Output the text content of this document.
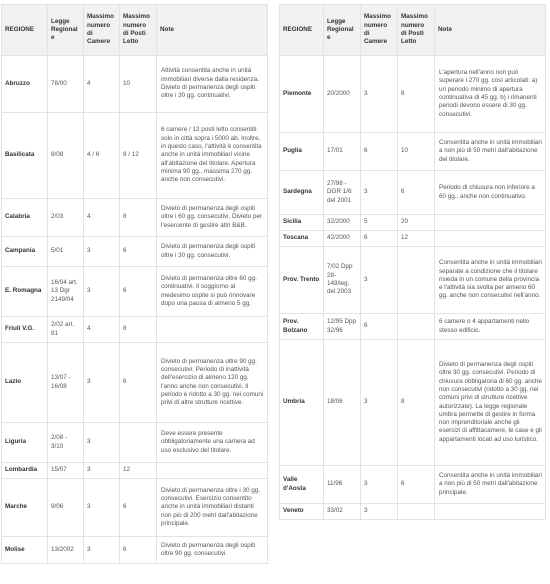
REGIONE	Legge Regionale	Massimo numero di Camere	Massimo numero di Posti Letto	Note
Abruzzo	78/00	4	10	Attività consentita anche in unità immobiliari diverse dalla residenza. Divieto di permanenza degli ospiti oltre i 30 gg. continuativi.
Basilicata	8/08	4 / 6	8 / 12	6 camere / 12 posti letto consentiti solo in città sopra i 5000 ab. Inoltre, in questo caso, l'attività è consentita anche in unità immobiliari vicine all'abitazione del titolare. Apertura minima 90 gg., massima 270 gg. anche non consecutivi.
Calabria	2/03	4	8	Divieto di permanenza degli ospiti oltre i 60 gg. consecutivi. Divieto per l'esercente di gestire altri B&B.
Campania	5/01	3	6	Divieto di permanenza degli ospiti oltre i 30 gg. consecutivi.
E. Romagna	16/04 art. 13 Dgr 2149/04	3	6	Divieto di permanenza oltre 60 gg. continuativi. Il soggiorno al medesimo ospite si può rinnovare dopo una pausa di almeno 5 gg.
Friuli V.G.	2/02 art. 81	4	8	
Lazio	13/07 - 16/08	3	6	Divieto di permanenza oltre 90 gg. consecutivi. Periodo di inattività dell'esercizio di almeno 120 gg. l'anno anche non consecutivi. Il periodo è ridotto a 30 gg. nei comuni privi di altre strutture ricettive.
Liguria	2/08 - 3/10	3		Deve essere presente obbligatoriamente una camera ad uso esclusivo del titolare.
Lombardia	15/07	3	12	
Marche	9/06	3	6	Divieto di permanenza oltre i 30 gg. consecutivi. Esercizio consentito anche in unità immobiliari distanti non più di 200 metri dall'abitazione principale.
Molise	13/2002	3	6	Divieto di permanenza degli ospiti oltre 90 gg. consecutivi.
REGIONE	Legge Regionale	Massimo numero di Camere	Massimo numero di Posti Letto	Note
Piemonte	20/2000	3	6	L'apertura nell'anno non può superare i 270 gg. così articolati: a) un periodo minimo di apertura continuativa di 45 gg. b) i rimanenti periodi devono essere di 30 gg. consecutivi.
Puglia	17/01	6	10	Consentita anche in unità immobiliari a non più di 50 metri dall'abitazione del titolare.
Sardegna	27/98 - DGR 1/6 del 2001	3	6	Periodo di chiusura non inferiore a 60 gg., anche non continuativo.
Sicilia	32/2000	5	20	
Toscana	42/2000	6	12	
Prov. Trento	7/02 Dpp 28-149/leg. del 2003	3		Consentita anche in unità immobiliari separate a condizione che il titolare risieda in un comune della provincia e l'attività sia svolta per almeno 60 gg. anche non consecutivi nell'anno.
Prov. Bolzano	12/95 Dpp 32/96	6		6 camere o 4 appartamenti nello stesso edificio.
Umbria	18/06	3	8	Divieto di permanenza degli ospiti oltre 30 gg. consecutivi. Periodo di chiusura obbligatoria di 60 gg. anche non consecutivi (ridotto a 30 gg. nei comuni privi di strutture ricettive autorizzate). La legge regionale umbra permette di gestire in forma non imprenditoriale anche gli esercizi di affittacamere, le case e gli appartamenti locati ad uso turistico.
Valle d'Aosta	11/96	3	6	Consentita anche in unità immobiliari a non più di 50 metri dall'abitazione principale.
Veneto	33/02	3		
